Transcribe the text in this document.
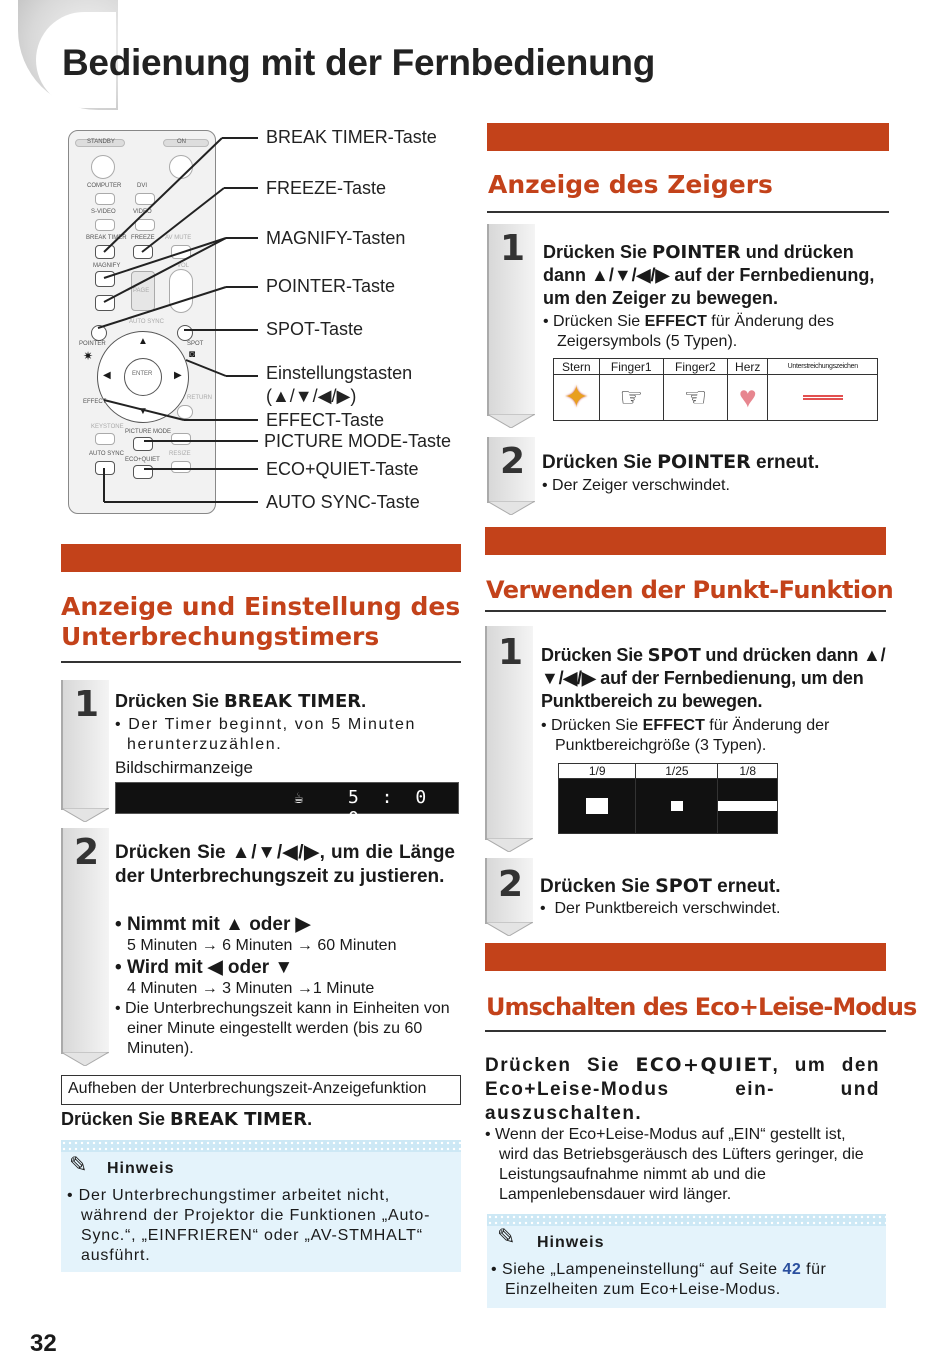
Bedienung mit der Fernbedienung
STANDBY	ON
COMPUTER	DVI
S-VIDEO	VIDEO
BREAK TIMER FREEZE AV MUTE
MAGNIFY	VOL
PAGE
AUTO SYNC
POINTER	SPOT
✷	◙
ENTER
▲
▼
◀	▶
EFFECT
RETURN
KEYSTONE
PICTURE MODE
AUTO SYNC
ECO+QUIET
RESIZE
BREAK TIMER-Taste
FREEZE-Taste
MAGNIFY-Tasten
POINTER-Taste
SPOT-Taste
Einstellungstasten
(▲/▼/◀/▶)
EFFECT-Taste
PICTURE MODE-Taste
ECO+QUIET-Taste
AUTO SYNC-Taste
Anzeige und Einstellung des
Unterbrechungstimers
1 Drücken Sie BREAK TIMER.
• Der Timer beginnt, von 5 Minuten herunterzuzählen.
Bildschirmanzeige
☕ 5 : 0 0
2 Drücken Sie ▲/▼/◀/▶, um die Länge der Unterbrechungszeit zu justieren.
• Nimmt mit ▲ oder ▶
5 Minuten → 6 Minuten → 60 Minuten
• Wird mit ◀ oder ▼
4 Minuten → 3 Minuten →1 Minute
• Die Unterbrechungszeit kann in Einheiten von einer Minute eingestellt werden (bis zu 60 Minuten).
Aufheben der Unterbrechungszeit-Anzeigefunktion
Drücken Sie BREAK TIMER.
✎ Hinweis
• Der Unterbrechungstimer arbeitet nicht, während der Projektor die Funktionen „Auto-Sync.“, „EINFRIEREN“ oder „AV-STMHALT“ ausführt.
Anzeige des Zeigers
1 Drücken Sie POINTER und drücken dann ▲/▼/◀/▶ auf der Fernbedienung, um den Zeiger zu bewegen.
• Drücken Sie EFFECT für Änderung des Zeigersymbols (5 Typen).
Stern	Finger1	Finger2	Herz	Unterstreichungszeichen
✦	☞	☜	♥	
2 Drücken Sie POINTER erneut.
• Der Zeiger verschwindet.
Verwenden der Punkt-Funktion
1 Drücken Sie SPOT und drücken dann ▲/▼/◀/▶ auf der Fernbedienung, um den Punktbereich zu bewegen.
• Drücken Sie EFFECT für Änderung der Punktbereichgröße (3 Typen).
1/9	1/25	1/8

2 Drücken Sie SPOT erneut.
•  Der Punktbereich verschwindet.
Umschalten des Eco+Leise-Modus
Drücken Sie ECO+QUIET, um den Eco+Leise-Modus ein- und auszuschalten.
• Wenn der Eco+Leise-Modus auf „EIN“ gestellt ist, wird das Betriebsgeräusch des Lüfters geringer, die Leistungsaufnahme nimmt ab und die Lampenlebensdauer wird länger.
✎ Hinweis
• Siehe „Lampeneinstellung“ auf Seite 42 für Einzelheiten zum Eco+Leise-Modus.
32
